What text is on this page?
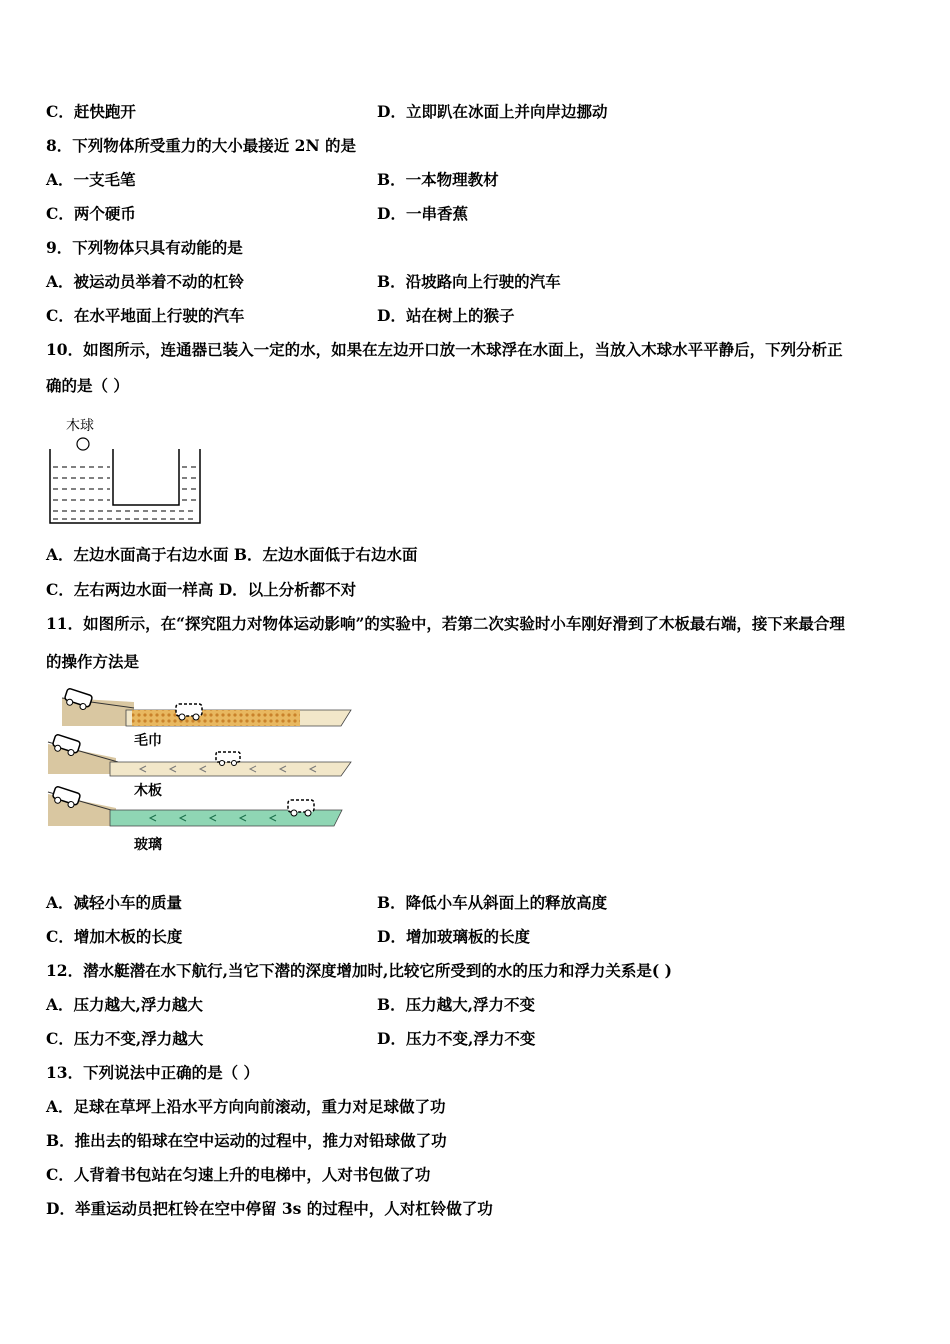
C．赶快跑开	D．立即趴在冰面上并向岸边挪动
8．下列物体所受重力的大小最接近 2N 的是
A．一支毛笔	B．一本物理教材
C．两个硬币	D．一串香蕉
9．下列物体只具有动能的是
A．被运动员举着不动的杠铃	B．沿坡路向上行驶的汽车
C．在水平地面上行驶的汽车	D．站在树上的猴子
10．如图所示，连通器已装入一定的水，如果在左边开口放一木球浮在水面上，当放入木球水平平静后，下列分析正
确的是（ ）
木球
A．左边水面高于右边水面 B．左边水面低于右边水面
C．左右两边水面一样高 D．以上分析都不对
11．如图所示，在“探究阻力对物体运动影响”的实验中，若第二次实验时小车刚好滑到了木板最右端，接下来最合理
的操作方法是
毛巾
木板
玻璃
A．减轻小车的质量	B．降低小车从斜面上的释放高度
C．增加木板的长度	D．增加玻璃板的长度
12．潜水艇潜在水下航行,当它下潜的深度增加时,比较它所受到的水的压力和浮力关系是( )
A．压力越大,浮力越大	B．压力越大,浮力不变
C．压力不变,浮力越大	D．压力不变,浮力不变
13．下列说法中正确的是（ ）
A．足球在草坪上沿水平方向向前滚动，重力对足球做了功
B．推出去的铅球在空中运动的过程中，推力对铅球做了功
C．人背着书包站在匀速上升的电梯中，人对书包做了功
D．举重运动员把杠铃在空中停留 3s 的过程中，人对杠铃做了功
